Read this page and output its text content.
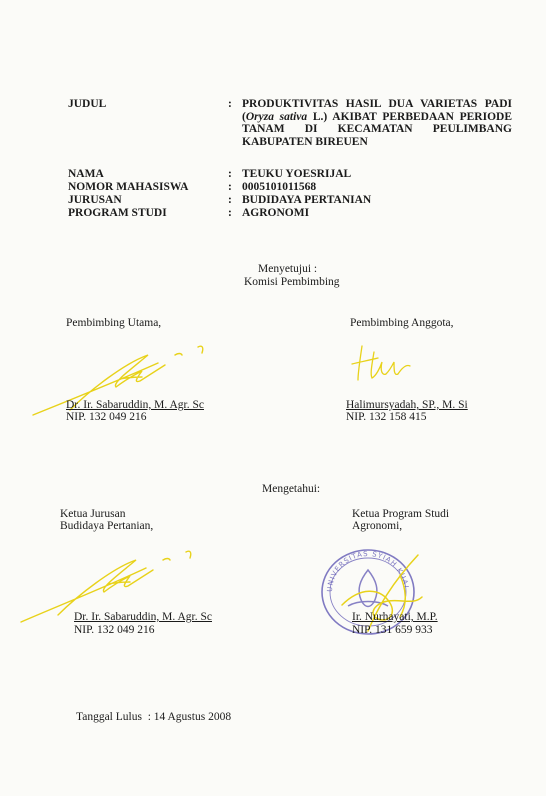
JUDUL	: PRODUKTIVITAS HASIL DUA VARIETAS PADI
(Oryza sativa L.) AKIBAT PERBEDAAN PERIODE
TANAM DI KECAMATAN PEULIMBANG
KABUPATEN BIREUEN
NAMA	: TEUKU YOESRIJAL
NOMOR MAHASISWA	: 0005101011568
JURUSAN	: BUDIDAYA PERTANIAN
PROGRAM STUDI	: AGRONOMI
Menyetujui :
Komisi Pembimbing
Pembimbing Utama,	Pembimbing Anggota,
Dr. Ir. Sabaruddin, M. Agr. Sc
NIP. 132 049 216
Halimursyadah, SP., M. Si
NIP. 132 158 415
Mengetahui:
Ketua Jurusan
Budidaya Pertanian,
Ketua Program Studi
Agronomi,
UNIVERSITAS SYIAH KUALA
Dr. Ir. Sabaruddin, M. Agr. Sc
NIP. 132 049 216
Ir. Nurhayati, M.P.
NIP. 131 659 933
Tanggal Lulus  : 14 Agustus 2008
